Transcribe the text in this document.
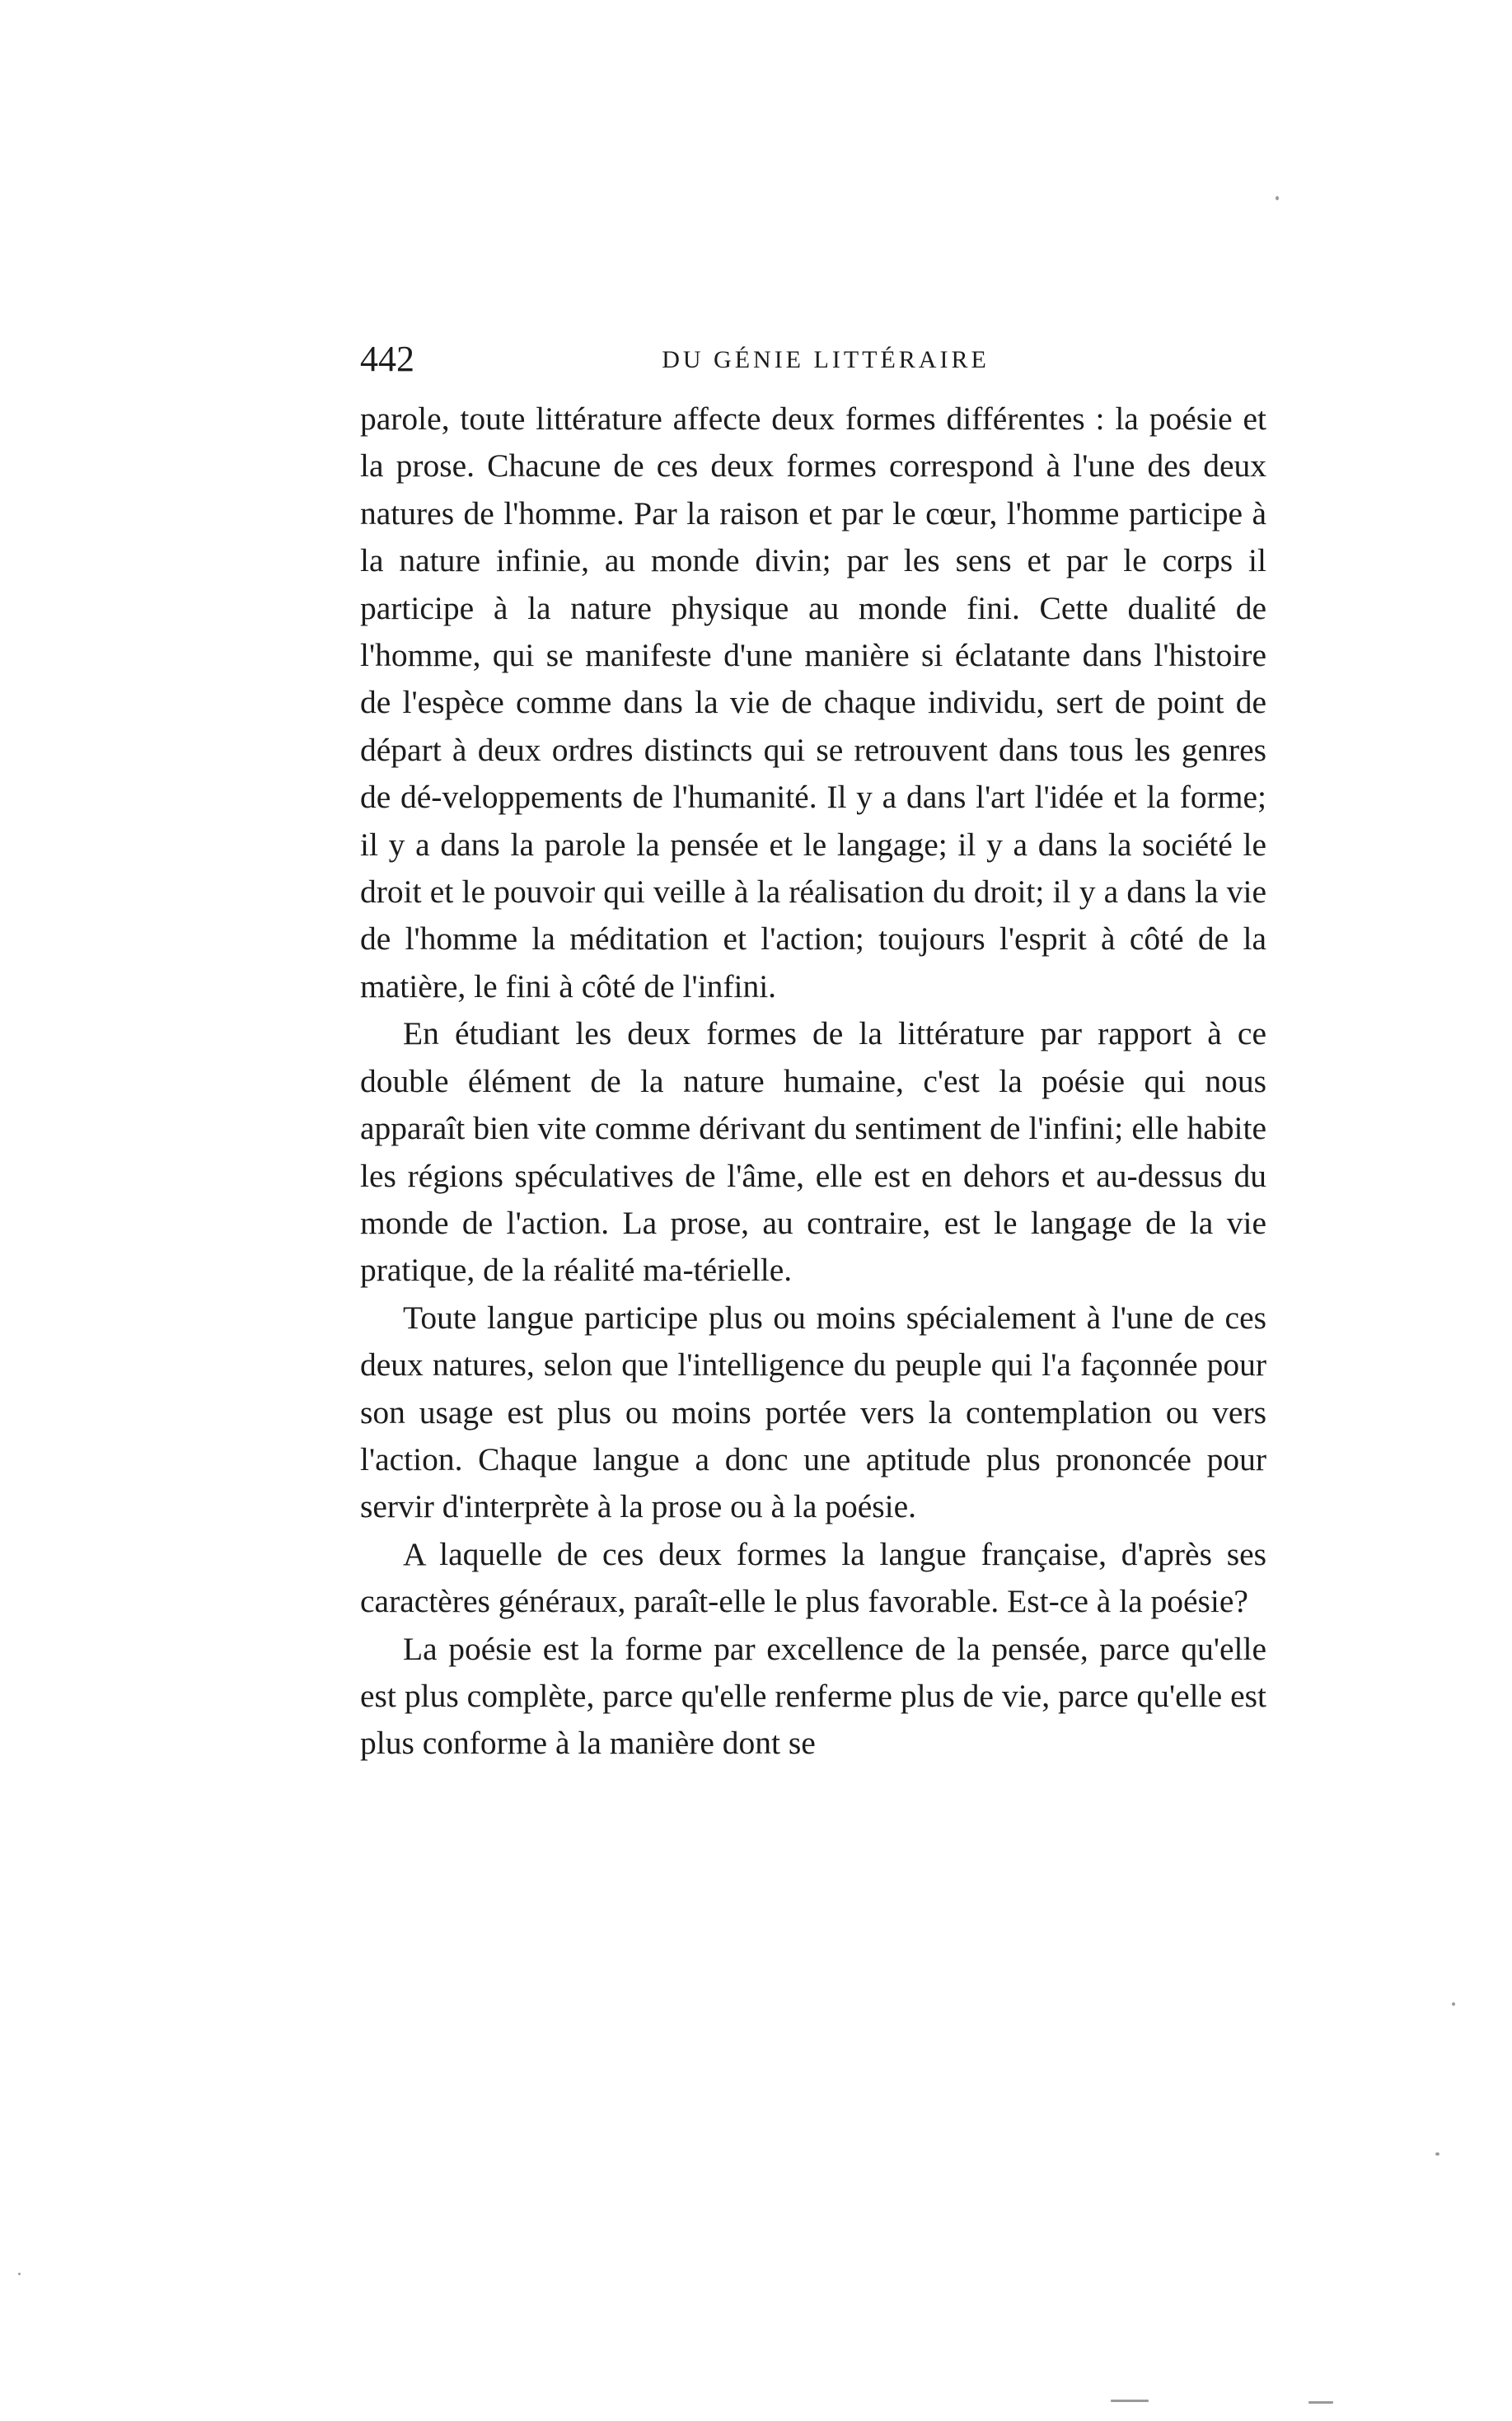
442	DU GÉNIE LITTÉRAIRE

parole, toute littérature affecte deux formes différentes : la poésie et la prose. Chacune de ces deux formes correspond à l'une des deux natures de l'homme. Par la raison et par le cœur, l'homme participe à la nature infinie, au monde divin; par les sens et par le corps il participe à la nature physique au monde fini. Cette dualité de l'homme, qui se manifeste d'une manière si éclatante dans l'histoire de l'espèce comme dans la vie de chaque individu, sert de point de départ à deux ordres distincts qui se retrouvent dans tous les genres de dé-veloppements de l'humanité. Il y a dans l'art l'idée et la forme; il y a dans la parole la pensée et le langage; il y a dans la société le droit et le pouvoir qui veille à la réalisation du droit; il y a dans la vie de l'homme la méditation et l'action; toujours l'esprit à côté de la matière, le fini à côté de l'infini.

En étudiant les deux formes de la littérature par rapport à ce double élément de la nature humaine, c'est la poésie qui nous apparaît bien vite comme dérivant du sentiment de l'infini; elle habite les régions spéculatives de l'âme, elle est en dehors et au-dessus du monde de l'action. La prose, au contraire, est le langage de la vie pratique, de la réalité ma-térielle.

Toute langue participe plus ou moins spécialement à l'une de ces deux natures, selon que l'intelligence du peuple qui l'a façonnée pour son usage est plus ou moins portée vers la contemplation ou vers l'action. Chaque langue a donc une aptitude plus prononcée pour servir d'interprète à la prose ou à la poésie.

A laquelle de ces deux formes la langue française, d'après ses caractères généraux, paraît-elle le plus favorable. Est-ce à la poésie?

La poésie est la forme par excellence de la pensée, parce qu'elle est plus complète, parce qu'elle renferme plus de vie, parce qu'elle est plus conforme à la manière dont se
